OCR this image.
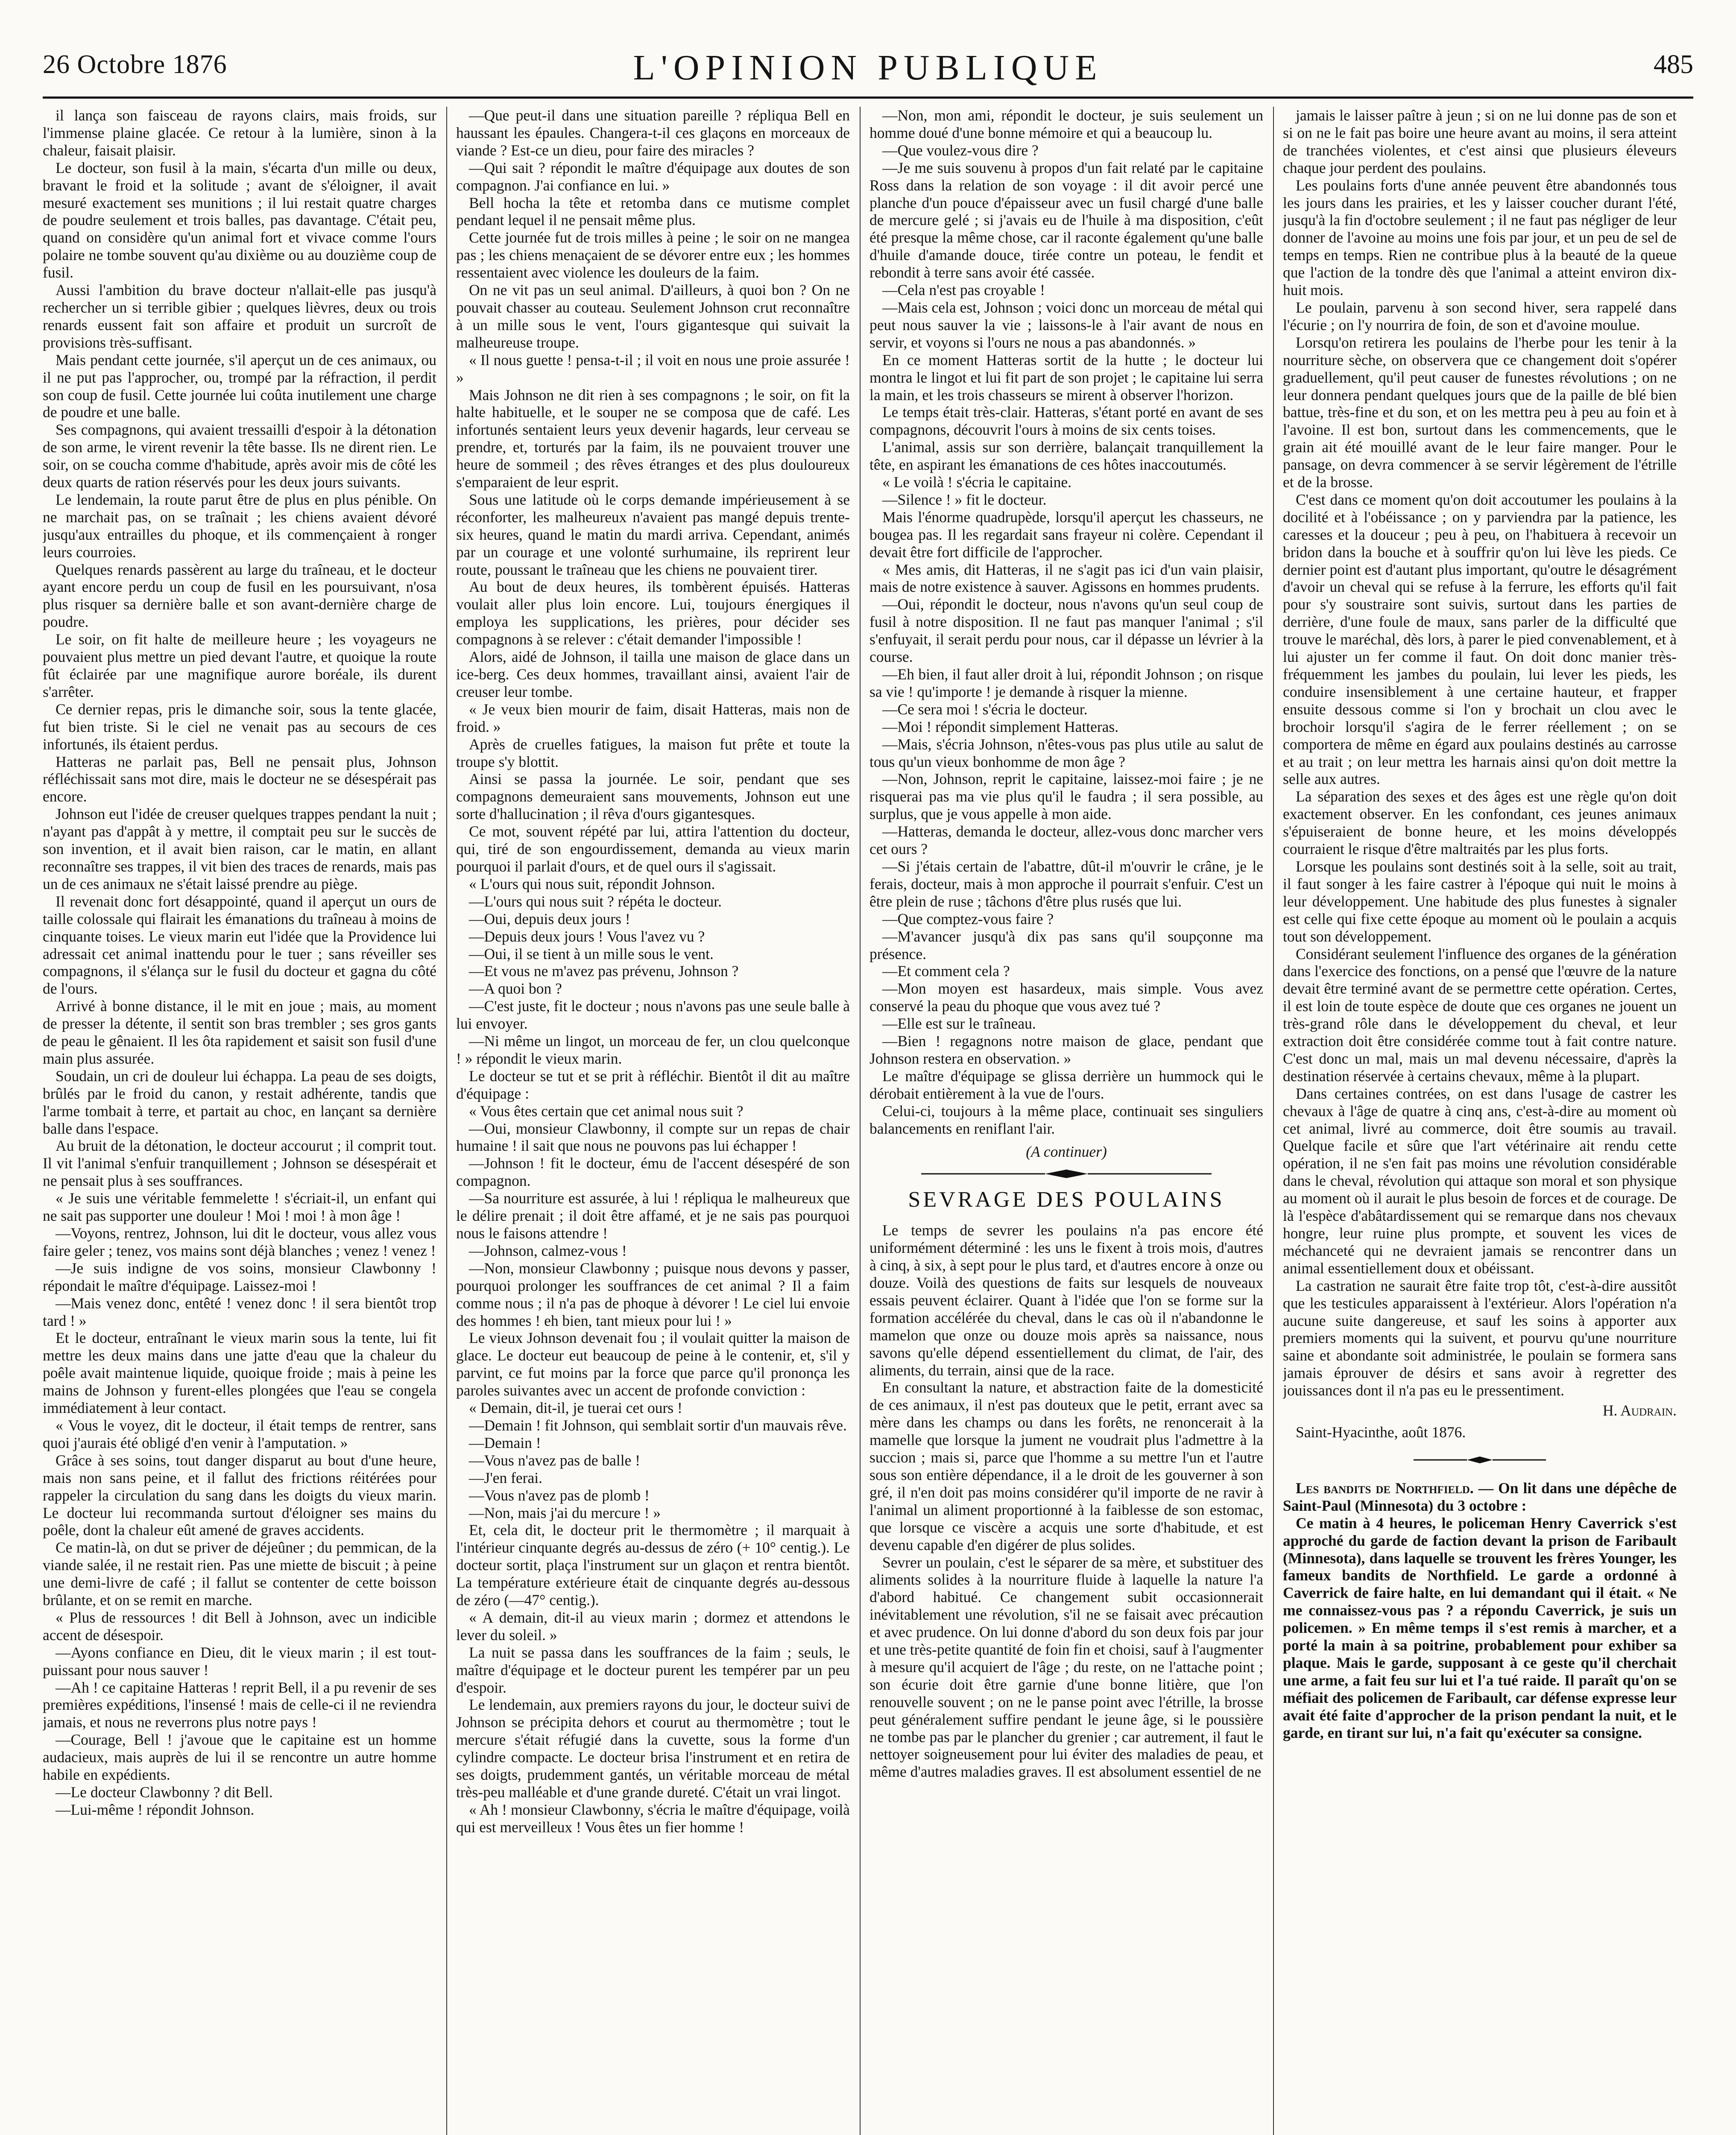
26 Octobre 1876	L'OPINION PUBLIQUE	485

il lança son faisceau de rayons clairs, mais froids, sur l'immense plaine glacée. Ce retour à la lumière, sinon à la chaleur, faisait plaisir.

Le docteur, son fusil à la main, s'écarta d'un mille ou deux, bravant le froid et la solitude ; avant de s'éloigner, il avait mesuré exactement ses munitions ; il lui restait quatre charges de poudre seulement et trois balles, pas davantage. C'était peu, quand on considère qu'un animal fort et vivace comme l'ours polaire ne tombe souvent qu'au dixième ou au douzième coup de fusil.

Aussi l'ambition du brave docteur n'allait-elle pas jusqu'à rechercher un si terrible gibier ; quelques lièvres, deux ou trois renards eussent fait son affaire et produit un surcroît de provisions très-suffisant.

Mais pendant cette journée, s'il aperçut un de ces animaux, ou il ne put pas l'approcher, ou, trompé par la réfraction, il perdit son coup de fusil. Cette journée lui coûta inutilement une charge de poudre et une balle.

Ses compagnons, qui avaient tressailli d'espoir à la détonation de son arme, le virent revenir la tête basse. Ils ne dirent rien. Le soir, on se coucha comme d'habitude, après avoir mis de côté les deux quarts de ration réservés pour les deux jours suivants.

Le lendemain, la route parut être de plus en plus pénible. On ne marchait pas, on se traînait ; les chiens avaient dévoré jusqu'aux entrailles du phoque, et ils commençaient à ronger leurs courroies.

Quelques renards passèrent au large du traîneau, et le docteur ayant encore perdu un coup de fusil en les poursuivant, n'osa plus risquer sa dernière balle et son avant-dernière charge de poudre.

Le soir, on fit halte de meilleure heure ; les voyageurs ne pouvaient plus mettre un pied devant l'autre, et quoique la route fût éclairée par une magnifique aurore boréale, ils durent s'arrêter.

Ce dernier repas, pris le dimanche soir, sous la tente glacée, fut bien triste. Si le ciel ne venait pas au secours de ces infortunés, ils étaient perdus.

Hatteras ne parlait pas, Bell ne pensait plus, Johnson réfléchissait sans mot dire, mais le docteur ne se désespérait pas encore.

Johnson eut l'idée de creuser quelques trappes pendant la nuit ; n'ayant pas d'appât à y mettre, il comptait peu sur le succès de son invention, et il avait bien raison, car le matin, en allant reconnaître ses trappes, il vit bien des traces de renards, mais pas un de ces animaux ne s'était laissé prendre au piège.

Il revenait donc fort désappointé, quand il aperçut un ours de taille colossale qui flairait les émanations du traîneau à moins de cinquante toises. Le vieux marin eut l'idée que la Providence lui adressait cet animal inattendu pour le tuer ; sans réveiller ses compagnons, il s'élança sur le fusil du docteur et gagna du côté de l'ours.

Arrivé à bonne distance, il le mit en joue ; mais, au moment de presser la détente, il sentit son bras trembler ; ses gros gants de peau le gênaient. Il les ôta rapidement et saisit son fusil d'une main plus assurée.

Soudain, un cri de douleur lui échappa. La peau de ses doigts, brûlés par le froid du canon, y restait adhérente, tandis que l'arme tombait à terre, et partait au choc, en lançant sa dernière balle dans l'espace.

Au bruit de la détonation, le docteur accourut ; il comprit tout. Il vit l'animal s'enfuir tranquillement ; Johnson se désespérait et ne pensait plus à ses souffrances.

« Je suis une véritable femmelette ! s'écriait-il, un enfant qui ne sait pas supporter une douleur ! Moi ! moi ! à mon âge !

—Voyons, rentrez, Johnson, lui dit le docteur, vous allez vous faire geler ; tenez, vos mains sont déjà blanches ; venez ! venez !

—Je suis indigne de vos soins, monsieur Clawbonny ! répondait le maître d'équipage. Laissez-moi !

—Mais venez donc, entêté ! venez donc ! il sera bientôt trop tard ! »

Et le docteur, entraînant le vieux marin sous la tente, lui fit mettre les deux mains dans une jatte d'eau que la chaleur du poêle avait maintenue liquide, quoique froide ; mais à peine les mains de Johnson y furent-elles plongées que l'eau se congela immédiatement à leur contact.

« Vous le voyez, dit le docteur, il était temps de rentrer, sans quoi j'aurais été obligé d'en venir à l'amputation. »

Grâce à ses soins, tout danger disparut au bout d'une heure, mais non sans peine, et il fallut des frictions réitérées pour rappeler la circulation du sang dans les doigts du vieux marin. Le docteur lui recommanda surtout d'éloigner ses mains du poêle, dont la chaleur eût amené de graves accidents.

Ce matin-là, on dut se priver de déjeûner ; du pemmican, de la viande salée, il ne restait rien. Pas une miette de biscuit ; à peine une demi-livre de café ; il fallut se contenter de cette boisson brûlante, et on se remit en marche.

« Plus de ressources ! dit Bell à Johnson, avec un indicible accent de désespoir.

—Ayons confiance en Dieu, dit le vieux marin ; il est tout-puissant pour nous sauver !

—Ah ! ce capitaine Hatteras ! reprit Bell, il a pu revenir de ses premières expéditions, l'insensé ! mais de celle-ci il ne reviendra jamais, et nous ne reverrons plus notre pays !

—Courage, Bell ! j'avoue que le capitaine est un homme audacieux, mais auprès de lui il se rencontre un autre homme habile en expédients.

—Le docteur Clawbonny ? dit Bell.

—Lui-même ! répondit Johnson.

—Que peut-il dans une situation pareille ? répliqua Bell en haussant les épaules. Changera-t-il ces glaçons en morceaux de viande ? Est-ce un dieu, pour faire des miracles ?

—Qui sait ? répondit le maître d'équipage aux doutes de son compagnon. J'ai confiance en lui. »

Bell hocha la tête et retomba dans ce mutisme complet pendant lequel il ne pensait même plus.

Cette journée fut de trois milles à peine ; le soir on ne mangea pas ; les chiens menaçaient de se dévorer entre eux ; les hommes ressentaient avec violence les douleurs de la faim.

On ne vit pas un seul animal. D'ailleurs, à quoi bon ? On ne pouvait chasser au couteau. Seulement Johnson crut reconnaître à un mille sous le vent, l'ours gigantesque qui suivait la malheureuse troupe.

« Il nous guette ! pensa-t-il ; il voit en nous une proie assurée ! »

Mais Johnson ne dit rien à ses compagnons ; le soir, on fit la halte habituelle, et le souper ne se composa que de café. Les infortunés sentaient leurs yeux devenir hagards, leur cerveau se prendre, et, torturés par la faim, ils ne pouvaient trouver une heure de sommeil ; des rêves étranges et des plus douloureux s'emparaient de leur esprit.

Sous une latitude où le corps demande impérieusement à se réconforter, les malheureux n'avaient pas mangé depuis trente-six heures, quand le matin du mardi arriva. Cependant, animés par un courage et une volonté surhumaine, ils reprirent leur route, poussant le traîneau que les chiens ne pouvaient tirer.

Au bout de deux heures, ils tombèrent épuisés. Hatteras voulait aller plus loin encore. Lui, toujours énergiques il employa les supplications, les prières, pour décider ses compagnons à se relever : c'était demander l'impossible !

Alors, aidé de Johnson, il tailla une maison de glace dans un ice-berg. Ces deux hommes, travaillant ainsi, avaient l'air de creuser leur tombe.

« Je veux bien mourir de faim, disait Hatteras, mais non de froid. »

Après de cruelles fatigues, la maison fut prête et toute la troupe s'y blottit.

Ainsi se passa la journée. Le soir, pendant que ses compagnons demeuraient sans mouvements, Johnson eut une sorte d'hallucination ; il rêva d'ours gigantesques.

Ce mot, souvent répété par lui, attira l'attention du docteur, qui, tiré de son engourdissement, demanda au vieux marin pourquoi il parlait d'ours, et de quel ours il s'agissait.

« L'ours qui nous suit, répondit Johnson.

—L'ours qui nous suit ? répéta le docteur.

—Oui, depuis deux jours !

—Depuis deux jours ! Vous l'avez vu ?

—Oui, il se tient à un mille sous le vent.

—Et vous ne m'avez pas prévenu, Johnson ?

—A quoi bon ?

—C'est juste, fit le docteur ; nous n'avons pas une seule balle à lui envoyer.

—Ni même un lingot, un morceau de fer, un clou quelconque ! » répondit le vieux marin.

Le docteur se tut et se prit à réfléchir. Bientôt il dit au maître d'équipage :

« Vous êtes certain que cet animal nous suit ?

—Oui, monsieur Clawbonny, il compte sur un repas de chair humaine ! il sait que nous ne pouvons pas lui échapper !

—Johnson ! fit le docteur, ému de l'accent désespéré de son compagnon.

—Sa nourriture est assurée, à lui ! répliqua le malheureux que le délire prenait ; il doit être affamé, et je ne sais pas pourquoi nous le faisons attendre !

—Johnson, calmez-vous !

—Non, monsieur Clawbonny ; puisque nous devons y passer, pourquoi prolonger les souffrances de cet animal ? Il a faim comme nous ; il n'a pas de phoque à dévorer ! Le ciel lui envoie des hommes ! eh bien, tant mieux pour lui ! »

Le vieux Johnson devenait fou ; il voulait quitter la maison de glace. Le docteur eut beaucoup de peine à le contenir, et, s'il y parvint, ce fut moins par la force que parce qu'il prononça les paroles suivantes avec un accent de profonde conviction :

« Demain, dit-il, je tuerai cet ours !

—Demain ! fit Johnson, qui semblait sortir d'un mauvais rêve.

—Demain !

—Vous n'avez pas de balle !

—J'en ferai.

—Vous n'avez pas de plomb !

—Non, mais j'ai du mercure ! »

Et, cela dit, le docteur prit le thermomètre ; il marquait à l'intérieur cinquante degrés au-dessus de zéro (+ 10° centig.). Le docteur sortit, plaça l'instrument sur un glaçon et rentra bientôt. La température extérieure était de cinquante degrés au-dessous de zéro (—47° centig.).

« A demain, dit-il au vieux marin ; dormez et attendons le lever du soleil. »

La nuit se passa dans les souffrances de la faim ; seuls, le maître d'équipage et le docteur purent les tempérer par un peu d'espoir.

Le lendemain, aux premiers rayons du jour, le docteur suivi de Johnson se précipita dehors et courut au thermomètre ; tout le mercure s'était réfugié dans la cuvette, sous la forme d'un cylindre compacte. Le docteur brisa l'instrument et en retira de ses doigts, prudemment gantés, un véritable morceau de métal très-peu malléable et d'une grande dureté. C'était un vrai lingot.

« Ah ! monsieur Clawbonny, s'écria le maître d'équipage, voilà qui est merveilleux ! Vous êtes un fier homme !

—Non, mon ami, répondit le docteur, je suis seulement un homme doué d'une bonne mémoire et qui a beaucoup lu.

—Que voulez-vous dire ?

—Je me suis souvenu à propos d'un fait relaté par le capitaine Ross dans la relation de son voyage : il dit avoir percé une planche d'un pouce d'épaisseur avec un fusil chargé d'une balle de mercure gelé ; si j'avais eu de l'huile à ma disposition, c'eût été presque la même chose, car il raconte également qu'une balle d'huile d'amande douce, tirée contre un poteau, le fendit et rebondit à terre sans avoir été cassée.

—Cela n'est pas croyable !

—Mais cela est, Johnson ; voici donc un morceau de métal qui peut nous sauver la vie ; laissons-le à l'air avant de nous en servir, et voyons si l'ours ne nous a pas abandonnés. »

En ce moment Hatteras sortit de la hutte ; le docteur lui montra le lingot et lui fit part de son projet ; le capitaine lui serra la main, et les trois chasseurs se mirent à observer l'horizon.

Le temps était très-clair. Hatteras, s'étant porté en avant de ses compagnons, découvrit l'ours à moins de six cents toises.

L'animal, assis sur son derrière, balançait tranquillement la tête, en aspirant les émanations de ces hôtes inaccoutumés.

« Le voilà ! s'écria le capitaine.

—Silence ! » fit le docteur.

Mais l'énorme quadrupède, lorsqu'il aperçut les chasseurs, ne bougea pas. Il les regardait sans frayeur ni colère. Cependant il devait être fort difficile de l'approcher.

« Mes amis, dit Hatteras, il ne s'agit pas ici d'un vain plaisir, mais de notre existence à sauver. Agissons en hommes prudents.

—Oui, répondit le docteur, nous n'avons qu'un seul coup de fusil à notre disposition. Il ne faut pas manquer l'animal ; s'il s'enfuyait, il serait perdu pour nous, car il dépasse un lévrier à la course.

—Eh bien, il faut aller droit à lui, répondit Johnson ; on risque sa vie ! qu'importe ! je demande à risquer la mienne.

—Ce sera moi ! s'écria le docteur.

—Moi ! répondit simplement Hatteras.

—Mais, s'écria Johnson, n'êtes-vous pas plus utile au salut de tous qu'un vieux bonhomme de mon âge ?

—Non, Johnson, reprit le capitaine, laissez-moi faire ; je ne risquerai pas ma vie plus qu'il le faudra ; il sera possible, au surplus, que je vous appelle à mon aide.

—Hatteras, demanda le docteur, allez-vous donc marcher vers cet ours ?

—Si j'étais certain de l'abattre, dût-il m'ouvrir le crâne, je le ferais, docteur, mais à mon approche il pourrait s'enfuir. C'est un être plein de ruse ; tâchons d'être plus rusés que lui.

—Que comptez-vous faire ?

—M'avancer jusqu'à dix pas sans qu'il soupçonne ma présence.

—Et comment cela ?

—Mon moyen est hasardeux, mais simple. Vous avez conservé la peau du phoque que vous avez tué ?

—Elle est sur le traîneau.

—Bien ! regagnons notre maison de glace, pendant que Johnson restera en observation. »

Le maître d'équipage se glissa derrière un hummock qui le dérobait entièrement à la vue de l'ours.

Celui-ci, toujours à la même place, continuait ses singuliers balancements en reniflant l'air.

(A continuer)

SEVRAGE DES POULAINS

Le temps de sevrer les poulains n'a pas encore été uniformément déterminé : les uns le fixent à trois mois, d'autres à cinq, à six, à sept pour le plus tard, et d'autres encore à onze ou douze. Voilà des questions de faits sur lesquels de nouveaux essais peuvent éclairer. Quant à l'idée que l'on se forme sur la formation accélérée du cheval, dans le cas où il n'abandonne le mamelon que onze ou douze mois après sa naissance, nous savons qu'elle dépend essentiellement du climat, de l'air, des aliments, du terrain, ainsi que de la race.

En consultant la nature, et abstraction faite de la domesticité de ces animaux, il n'est pas douteux que le petit, errant avec sa mère dans les champs ou dans les forêts, ne renoncerait à la mamelle que lorsque la jument ne voudrait plus l'admettre à la succion ; mais si, parce que l'homme a su mettre l'un et l'autre sous son entière dépendance, il a le droit de les gouverner à son gré, il n'en doit pas moins considérer qu'il importe de ne ravir à l'animal un aliment proportionné à la faiblesse de son estomac, que lorsque ce viscère a acquis une sorte d'habitude, et est devenu capable d'en digérer de plus solides.

Sevrer un poulain, c'est le séparer de sa mère, et substituer des aliments solides à la nourriture fluide à laquelle la nature l'a d'abord habitué. Ce changement subit occasionnerait inévitablement une révolution, s'il ne se faisait avec précaution et avec prudence. On lui donne d'abord du son deux fois par jour et une très-petite quantité de foin fin et choisi, sauf à l'augmenter à mesure qu'il acquiert de l'âge ; du reste, on ne l'attache point ; son écurie doit être garnie d'une bonne litière, que l'on renouvelle souvent ; on ne le panse point avec l'étrille, la brosse peut généralement suffire pendant le jeune âge, si le poussière ne tombe pas par le plancher du grenier ; car autrement, il faut le nettoyer soigneusement pour lui éviter des maladies de peau, et même d'autres maladies graves. Il est absolument essentiel de ne

jamais le laisser paître à jeun ; si on ne lui donne pas de son et si on ne le fait pas boire une heure avant au moins, il sera atteint de tranchées violentes, et c'est ainsi que plusieurs éleveurs chaque jour perdent des poulains.

Les poulains forts d'une année peuvent être abandonnés tous les jours dans les prairies, et les y laisser coucher durant l'été, jusqu'à la fin d'octobre seulement ; il ne faut pas négliger de leur donner de l'avoine au moins une fois par jour, et un peu de sel de temps en temps. Rien ne contribue plus à la beauté de la queue que l'action de la tondre dès que l'animal a atteint environ dix-huit mois.

Le poulain, parvenu à son second hiver, sera rappelé dans l'écurie ; on l'y nourrira de foin, de son et d'avoine moulue.

Lorsqu'on retirera les poulains de l'herbe pour les tenir à la nourriture sèche, on observera que ce changement doit s'opérer graduellement, qu'il peut causer de funestes révolutions ; on ne leur donnera pendant quelques jours que de la paille de blé bien battue, très-fine et du son, et on les mettra peu à peu au foin et à l'avoine. Il est bon, surtout dans les commencements, que le grain ait été mouillé avant de le leur faire manger. Pour le pansage, on devra commencer à se servir légèrement de l'étrille et de la brosse.

C'est dans ce moment qu'on doit accoutumer les poulains à la docilité et à l'obéissance ; on y parviendra par la patience, les caresses et la douceur ; peu à peu, on l'habituera à recevoir un bridon dans la bouche et à souffrir qu'on lui lève les pieds. Ce dernier point est d'autant plus important, qu'outre le désagrément d'avoir un cheval qui se refuse à la ferrure, les efforts qu'il fait pour s'y soustraire sont suivis, surtout dans les parties de derrière, d'une foule de maux, sans parler de la difficulté que trouve le maréchal, dès lors, à parer le pied convenablement, et à lui ajuster un fer comme il faut. On doit donc manier très-fréquemment les jambes du poulain, lui lever les pieds, les conduire insensiblement à une certaine hauteur, et frapper ensuite dessous comme si l'on y brochait un clou avec le brochoir lorsqu'il s'agira de le ferrer réellement ; on se comportera de même en égard aux poulains destinés au carrosse et au trait ; on leur mettra les harnais ainsi qu'on doit mettre la selle aux autres.

La séparation des sexes et des âges est une règle qu'on doit exactement observer. En les confondant, ces jeunes animaux s'épuiseraient de bonne heure, et les moins développés courraient le risque d'être maltraités par les plus forts.

Lorsque les poulains sont destinés soit à la selle, soit au trait, il faut songer à les faire castrer à l'époque qui nuit le moins à leur développement. Une habitude des plus funestes à signaler est celle qui fixe cette époque au moment où le poulain a acquis tout son développement.

Considérant seulement l'influence des organes de la génération dans l'exercice des fonctions, on a pensé que l'œuvre de la nature devait être terminé avant de se permettre cette opération. Certes, il est loin de toute espèce de doute que ces organes ne jouent un très-grand rôle dans le développement du cheval, et leur extraction doit être considérée comme tout à fait contre nature. C'est donc un mal, mais un mal devenu nécessaire, d'après la destination réservée à certains chevaux, même à la plupart.

Dans certaines contrées, on est dans l'usage de castrer les chevaux à l'âge de quatre à cinq ans, c'est-à-dire au moment où cet animal, livré au commerce, doit être soumis au travail. Quelque facile et sûre que l'art vétérinaire ait rendu cette opération, il ne s'en fait pas moins une révolution considérable dans le cheval, révolution qui attaque son moral et son physique au moment où il aurait le plus besoin de forces et de courage. De là l'espèce d'abâtardissement qui se remarque dans nos chevaux hongre, leur ruine plus prompte, et souvent les vices de méchanceté qui ne devraient jamais se rencontrer dans un animal essentiellement doux et obéissant.

La castration ne saurait être faite trop tôt, c'est-à-dire aussitôt que les testicules apparaissent à l'extérieur. Alors l'opération n'a aucune suite dangereuse, et sauf les soins à apporter aux premiers moments qui la suivent, et pourvu qu'une nourriture saine et abondante soit administrée, le poulain se formera sans jamais éprouver de désirs et sans avoir à regretter des jouissances dont il n'a pas eu le pressentiment.

H. Audrain.

Saint-Hyacinthe, août 1876.

Les bandits de Northfield. — On lit dans une dépêche de Saint-Paul (Minnesota) du 3 octobre :

Ce matin à 4 heures, le policeman Henry Caverrick s'est approché du garde de faction devant la prison de Faribault (Minnesota), dans laquelle se trouvent les frères Younger, les fameux bandits de Northfield. Le garde a ordonné à Caverrick de faire halte, en lui demandant qui il était. « Ne me connaissez-vous pas ? a répondu Caverrick, je suis un policemen. » En même temps il s'est remis à marcher, et a porté la main à sa poitrine, probablement pour exhiber sa plaque. Mais le garde, supposant à ce geste qu'il cherchait une arme, a fait feu sur lui et l'a tué raide. Il paraît qu'on se méfiait des policemen de Faribault, car défense expresse leur avait été faite d'approcher de la prison pendant la nuit, et le garde, en tirant sur lui, n'a fait qu'exécuter sa consigne.
